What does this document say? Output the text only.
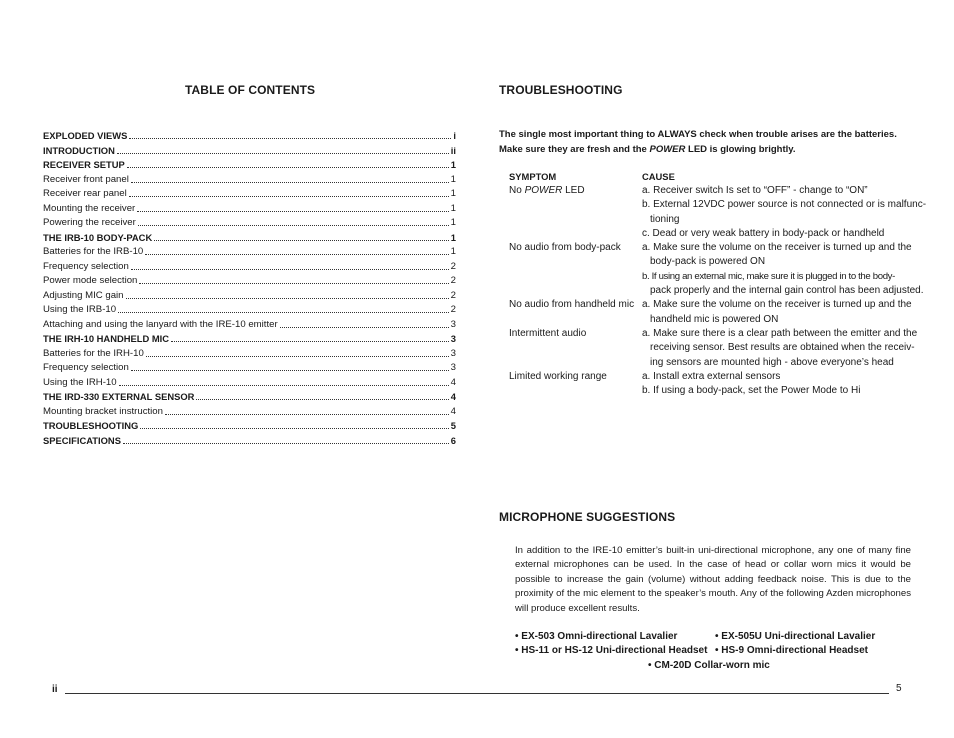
TABLE OF CONTENTS
EXPLODED VIEWS	i
INTRODUCTION	ii
RECEIVER SETUP	1
Receiver front panel	1
Receiver rear panel	1
Mounting the receiver	1
Powering the receiver	1
THE IRB-10 BODY-PACK	1
Batteries for the IRB-10	1
Frequency selection	2
Power mode selection	2
Adjusting MIC gain	2
Using the IRB-10	2
Attaching and using the lanyard with the IRE-10 emitter	3
THE IRH-10 HANDHELD MIC	3
Batteries for the IRH-10	3
Frequency selection	3
Using the IRH-10	4
THE IRD-330 EXTERNAL SENSOR	4
Mounting bracket instruction	4
TROUBLESHOOTING	5
SPECIFICATIONS	6
ii	5
TROUBLESHOOTING
The single most important thing to ALWAYS check when trouble arises are the batteries.
Make sure they are fresh and the POWER LED is glowing brightly.
SYMPTOM	CAUSE
No POWER LED	a. Receiver switch Is set to “OFF” - change to “ON”
b. External 12VDC power source is not connected or is malfunc-
tioning
c. Dead or very weak battery in body-pack or handheld
No audio from body-pack	a. Make sure the volume on the receiver is turned up and the
body-pack is powered ON
b. If using an external mic, make sure it is plugged in to the body-
pack properly and the internal gain control has been adjusted.
No audio from handheld mic a. Make sure the volume on the receiver is turned up and the
handheld mic is powered ON
Intermittent audio	a. Make sure there is a clear path between the emitter and the
receiving sensor. Best results are obtained when the receiv-
ing sensors are mounted high - above everyone’s head
Limited working range	a. Install extra external sensors
b. If using a body-pack, set the Power Mode to Hi
MICROPHONE SUGGESTIONS
In addition to the IRE-10 emitter’s built-in uni-directional microphone, any one of many fine external microphones can be used. In the case of head or collar worn mics it would be possible to increase the gain (volume) without adding feedback noise. This is due to the proximity of the mic element to the speaker’s mouth. Any of the following Azden microphones will produce excellent results.
• EX-503 Omni-directional Lavalier	• EX-505U Uni-directional Lavalier
• HS-11 or HS-12 Uni-directional Headset • HS-9 Omni-directional Headset
• CM-20D Collar-worn mic
